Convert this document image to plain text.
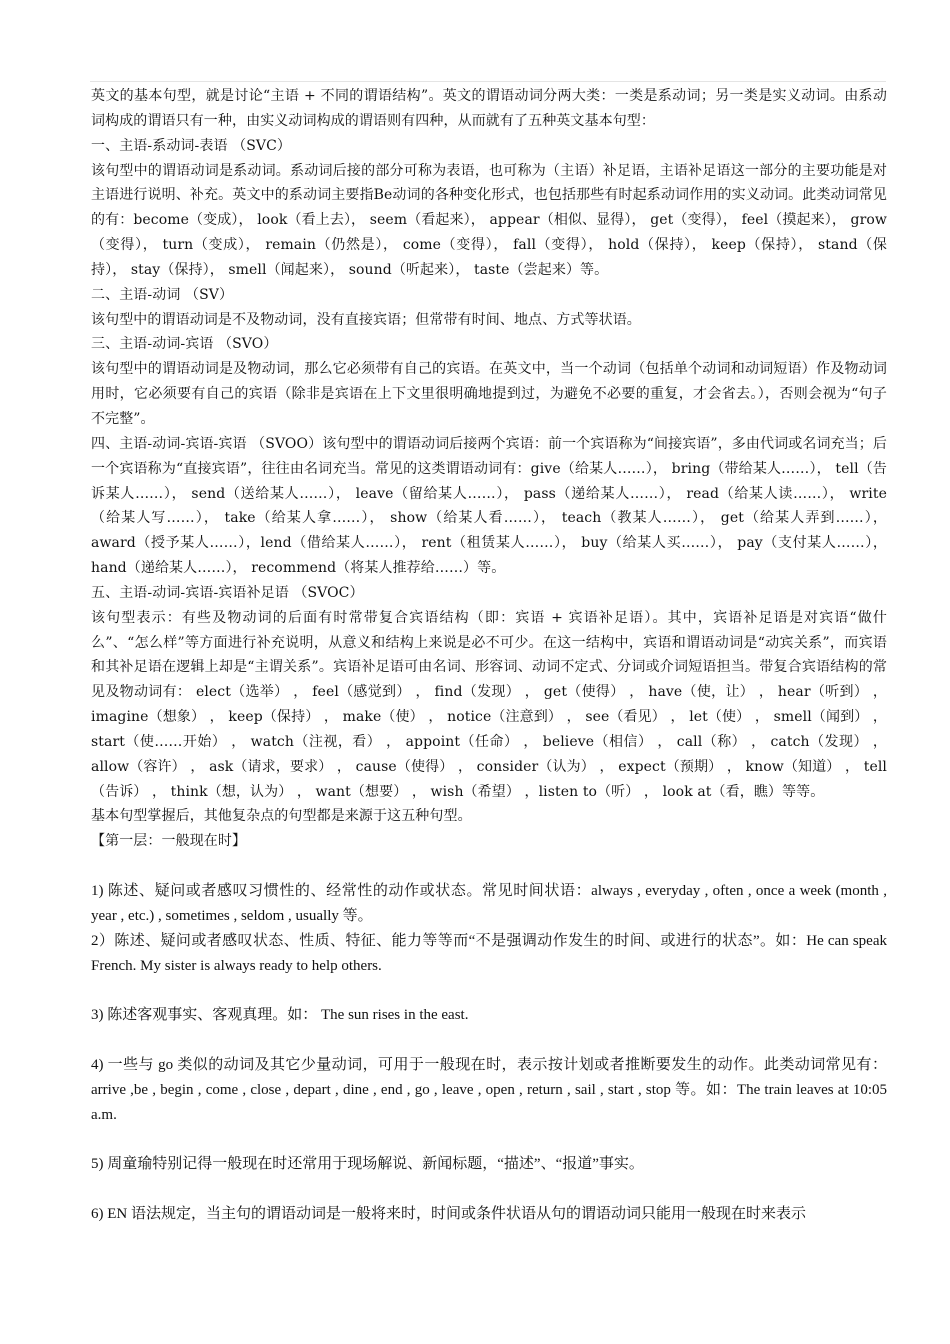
英文的基本句型，就是讨论“主语 + 不同的谓语结构”。英文的谓语动词分两大类：一类是系动词；另一类是实义动词。由系动词构成的谓语只有一种，由实义动词构成的谓语则有四种，从而就有了五种英文基本句型：

一、主语-系动词-表语 （SVC）

该句型中的谓语动词是系动词。系动词后接的部分可称为表语，也可称为（主语）补足语，主语补足语这一部分的主要功能是对主语进行说明、补充。英文中的系动词主要指Be动词的各种变化形式，也包括那些有时起系动词作用的实义动词。此类动词常见的有：become（变成）， look（看上去）， seem（看起来）， appear（相似、显得）， get（变得）， feel（摸起来）， grow（变得）， turn（变成）， remain（仍然是）， come（变得）， fall（变得）， hold（保持）， keep（保持）， stand（保持）， stay（保持）， smell（闻起来）， sound（听起来）， taste（尝起来）等。

二、主语-动词 （SV）

该句型中的谓语动词是不及物动词，没有直接宾语；但常带有时间、地点、方式等状语。

三、主语-动词-宾语 （SVO）

该句型中的谓语动词是及物动词，那么它必须带有自己的宾语。在英文中，当一个动词（包括单个动词和动词短语）作及物动词用时，它必须要有自己的宾语（除非是宾语在上下文里很明确地提到过，为避免不必要的重复，才会省去。），否则会视为“句子不完整”。

四、主语-动词-宾语-宾语 （SVOO）该句型中的谓语动词后接两个宾语：前一个宾语称为“间接宾语”，多由代词或名词充当；后一个宾语称为“直接宾语”，往往由名词充当。常见的这类谓语动词有：give（给某人……）， bring（带给某人……）， tell（告诉某人……）， send（送给某人……）， leave（留给某人……）， pass（递给某人……）， read（给某人读……）， write（给某人写……）， take（给某人拿……）， show（给某人看……）， teach（教某人……）， get（给某人弄到……）， award（授予某人……），lend（借给某人……）， rent（租赁某人……）， buy（给某人买……）， pay（支付某人……）， hand（递给某人……）， recommend（将某人推荐给……）等。

五、主语-动词-宾语-宾语补足语 （SVOC）

该句型表示：有些及物动词的后面有时常带复合宾语结构（即：宾语 + 宾语补足语）。其中，宾语补足语是对宾语“做什么”、“怎么样”等方面进行补充说明，从意义和结构上来说是必不可少。在这一结构中，宾语和谓语动词是“动宾关系”，而宾语和其补足语在逻辑上却是“主谓关系”。宾语补足语可由名词、形容词、动词不定式、分词或介词短语担当。带复合宾语结构的常见及物动词有： elect（选举） ， feel（感觉到） ， find（发现） ， get（使得） ， have（使，让） ， hear（听到） ， imagine（想象） ， keep（保持） ， make（使） ， notice（注意到） ， see（看见） ， let（使） ， smell（闻到） ， start（使……开始） ， watch（注视，看） ， appoint（任命） ， believe（相信） ， call（称） ， catch（发现） ， allow（容许） ， ask（请求，要求） ， cause（使得） ， consider（认为） ， expect（预期） ， know（知道） ， tell（告诉） ， think（想，认为） ， want（想要） ， wish（希望） ，listen to（听） ， look at（看，瞧）等等。

基本句型掌握后，其他复杂点的句型都是来源于这五种句型。

【第一层：一般现在时】

1) 陈述、疑问或者感叹习惯性的、经常性的动作或状态。常见时间状语：always , everyday , often , once a week (month , year , etc.) , sometimes , seldom , usually 等。

2）陈述、疑问或者感叹状态、性质、特征、能力等等而“不是强调动作发生的时间、或进行的状态”。如：He can speak French. My sister is always ready to help others.

3) 陈述客观事实、客观真理。如： The sun rises in the east.

4) 一些与 go 类似的动词及其它少量动词，可用于一般现在时，表示按计划或者推断要发生的动作。此类动词常见有：arrive ,be , begin , come , close , depart , dine , end , go , leave , open , return , sail , start , stop 等。如：The train leaves at 10:05 a.m.

5) 周童瑜特别记得一般现在时还常用于现场解说、新闻标题，“描述”、“报道”事实。

6) EN 语法规定，当主句的谓语动词是一般将来时，时间或条件状语从句的谓语动词只能用一般现在时来表示
